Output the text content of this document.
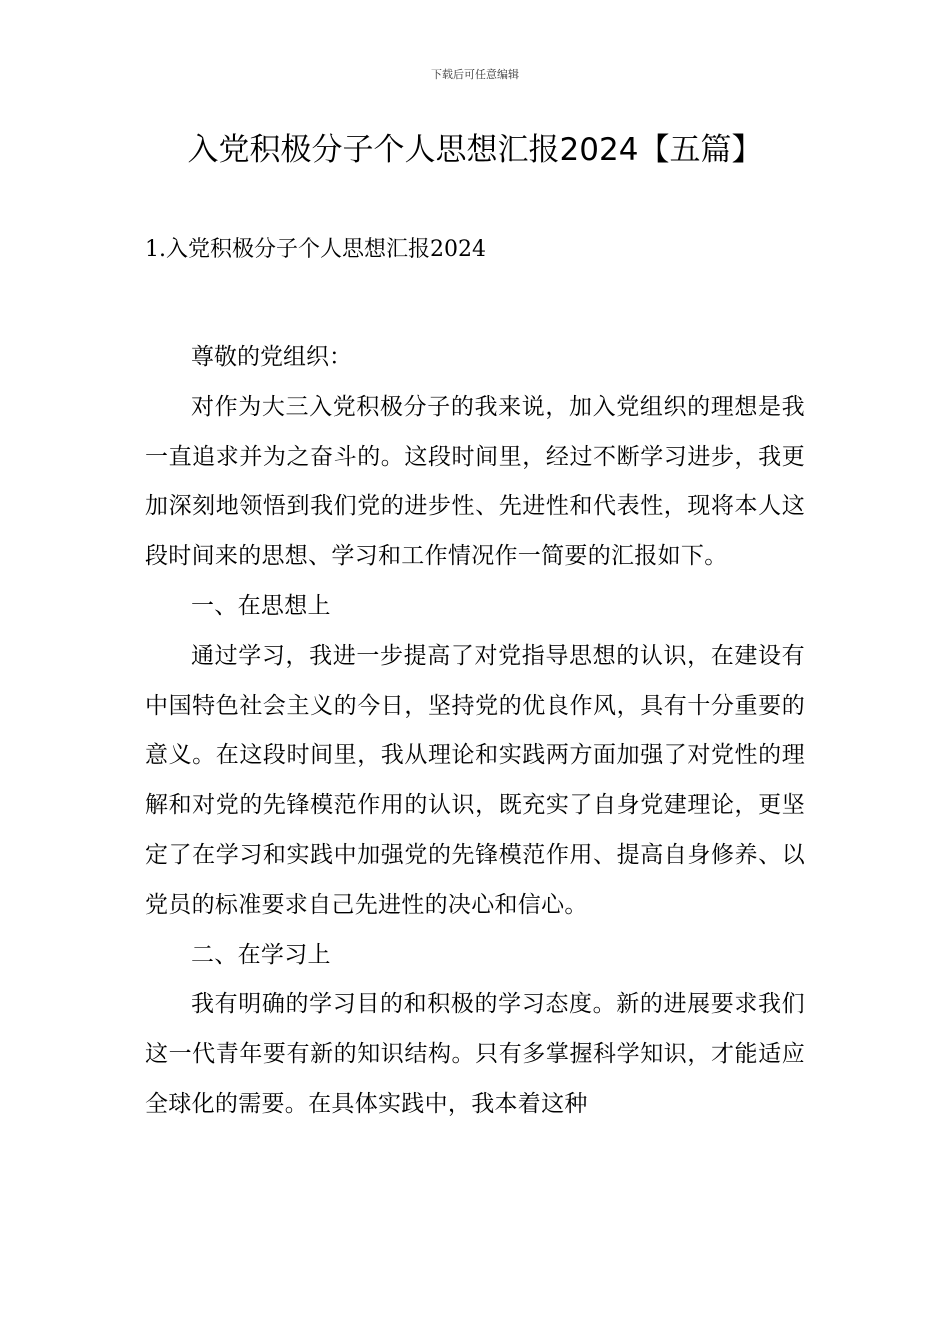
下载后可任意编辑
入党积极分子个人思想汇报2024【五篇】
1.入党积极分子个人思想汇报2024

尊敬的党组织：

对作为大三入党积极分子的我来说，加入党组织的理想是我一直追求并为之奋斗的。这段时间里，经过不断学习进步，我更加深刻地领悟到我们党的进步性、先进性和代表性，现将本人这段时间来的思想、学习和工作情况作一简要的汇报如下。

一、在思想上

通过学习，我进一步提高了对党指导思想的认识，在建设有中国特色社会主义的今日，坚持党的优良作风，具有十分重要的意义。在这段时间里，我从理论和实践两方面加强了对党性的理解和对党的先锋模范作用的认识，既充实了自身党建理论，更坚定了在学习和实践中加强党的先锋模范作用、提高自身修养、以党员的标准要求自己先进性的决心和信心。

二、在学习上

我有明确的学习目的和积极的学习态度。新的进展要求我们这一代青年要有新的知识结构。只有多掌握科学知识，才能适应全球化的需要。在具体实践中，我本着这种
